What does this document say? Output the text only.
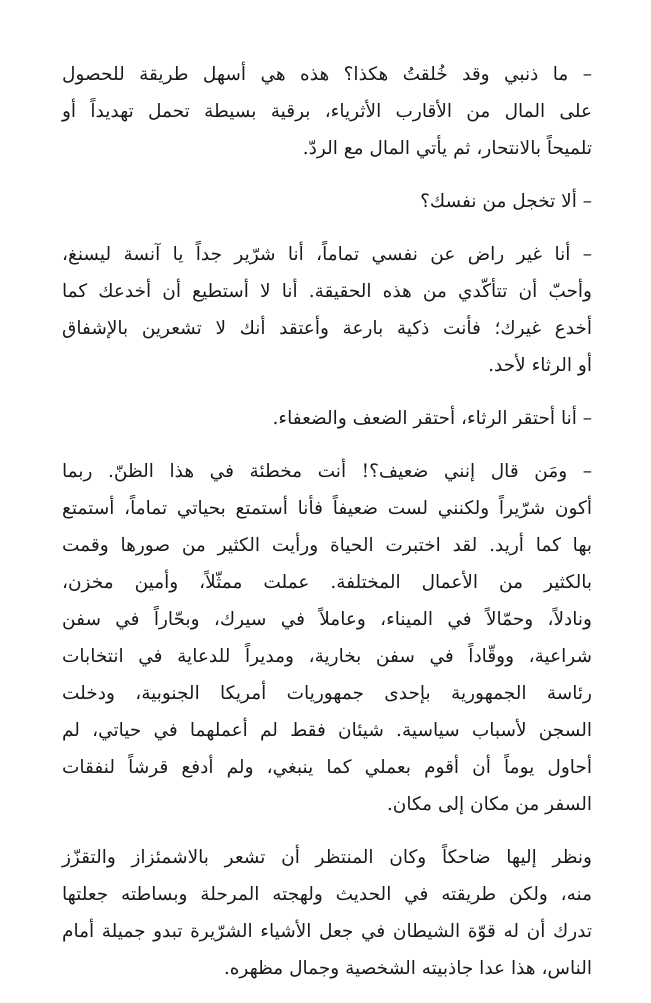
– ما ذنبي وقد خُلقتُ هكذا؟ هذه هي أسهل طريقة للحصول
على المال من الأقارب الأثرياء، برقية بسيطة تحمل تهديداً أو
تلميحاً بالانتحار، ثم يأتي المال مع الردّ.

– ألا تخجل من نفسك؟

– أنا غير راض عن نفسي تماماً، أنا شرّير جداً يا آنسة ليسنغ،
وأحبّ أن تتأكّدي من هذه الحقيقة. أنا لا أستطيع أن أخدعك كما
أخدع غيرك؛ فأنت ذكية بارعة وأعتقد أنك لا تشعرين بالإشفاق
أو الرثاء لأحد.

– أنا أحتقر الرثاء، أحتقر الضعف والضعفاء.

– ومَن قال إنني ضعيف؟! أنت مخطئة في هذا الظنّ. ربما
أكون شرّيراً ولكنني لست ضعيفاً فأنا أستمتع بحياتي تماماً، أستمتع
بها كما أريد. لقد اختبرت الحياة ورأيت الكثير من صورها وقمت
بالكثير من الأعمال المختلفة. عملت ممثّلاً، وأمين مخزن،
ونادلاً، وحمّالاً في الميناء، وعاملاً في سيرك، وبحّاراً في سفن
شراعية، ووقّاداً في سفن بخارية، ومديراً للدعاية في انتخابات
رئاسة الجمهورية بإحدى جمهوريات أمريكا الجنوبية، ودخلت
السجن لأسباب سياسية. شيئان فقط لم أعملهما في حياتي، لم
أحاول يوماً أن أقوم بعملي كما ينبغي، ولم أدفع قرشاً لنفقات
السفر من مكان إلى مكان.

ونظر إليها ضاحكاً وكان المنتظر أن تشعر بالاشمئزاز والتقزّز
منه، ولكن طريقته في الحديث ولهجته المرحلة وبساطته جعلتها
تدرك أن له قوّة الشيطان في جعل الأشياء الشرّيرة تبدو جميلة أمام
الناس، هذا عدا جاذبيته الشخصية وجمال مظهره.
